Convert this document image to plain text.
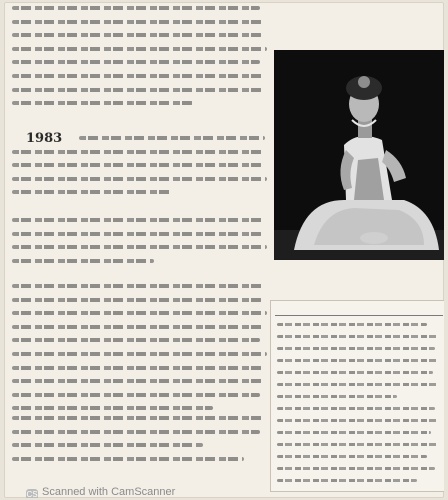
1983
CS Scanned with CamScanner
